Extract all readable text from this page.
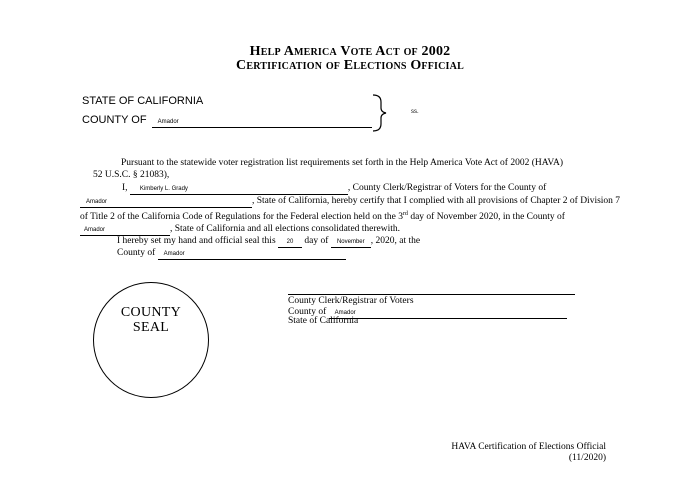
Help America Vote Act of 2002
Certification of Elections Official
STATE OF CALIFORNIA
COUNTY OF Amador
ss.
Pursuant to the statewide voter registration list requirements set forth in the Help America Vote Act of 2002 (HAVA) 52 U.S.C. § 21083),
I, Kimberly L. Grady	, County Clerk/Registrar of Voters for the County of
Amador	, State of California, hereby certify that I complied with all provisions of Chapter 2 of Division 7 of Title 2 of the California Code of Regulations for the Federal election held on the 3rd day of November 2020, in the County ofAmador	, State of California and all elections consolidated therewith.
I hereby set my hand and official seal this 20 day of November , 2020, at the
County of Amador
COUNTY
SEAL
County Clerk/Registrar of Voters
County of Amador
State of California
HAVA Certification of Elections Official
(11/2020)
